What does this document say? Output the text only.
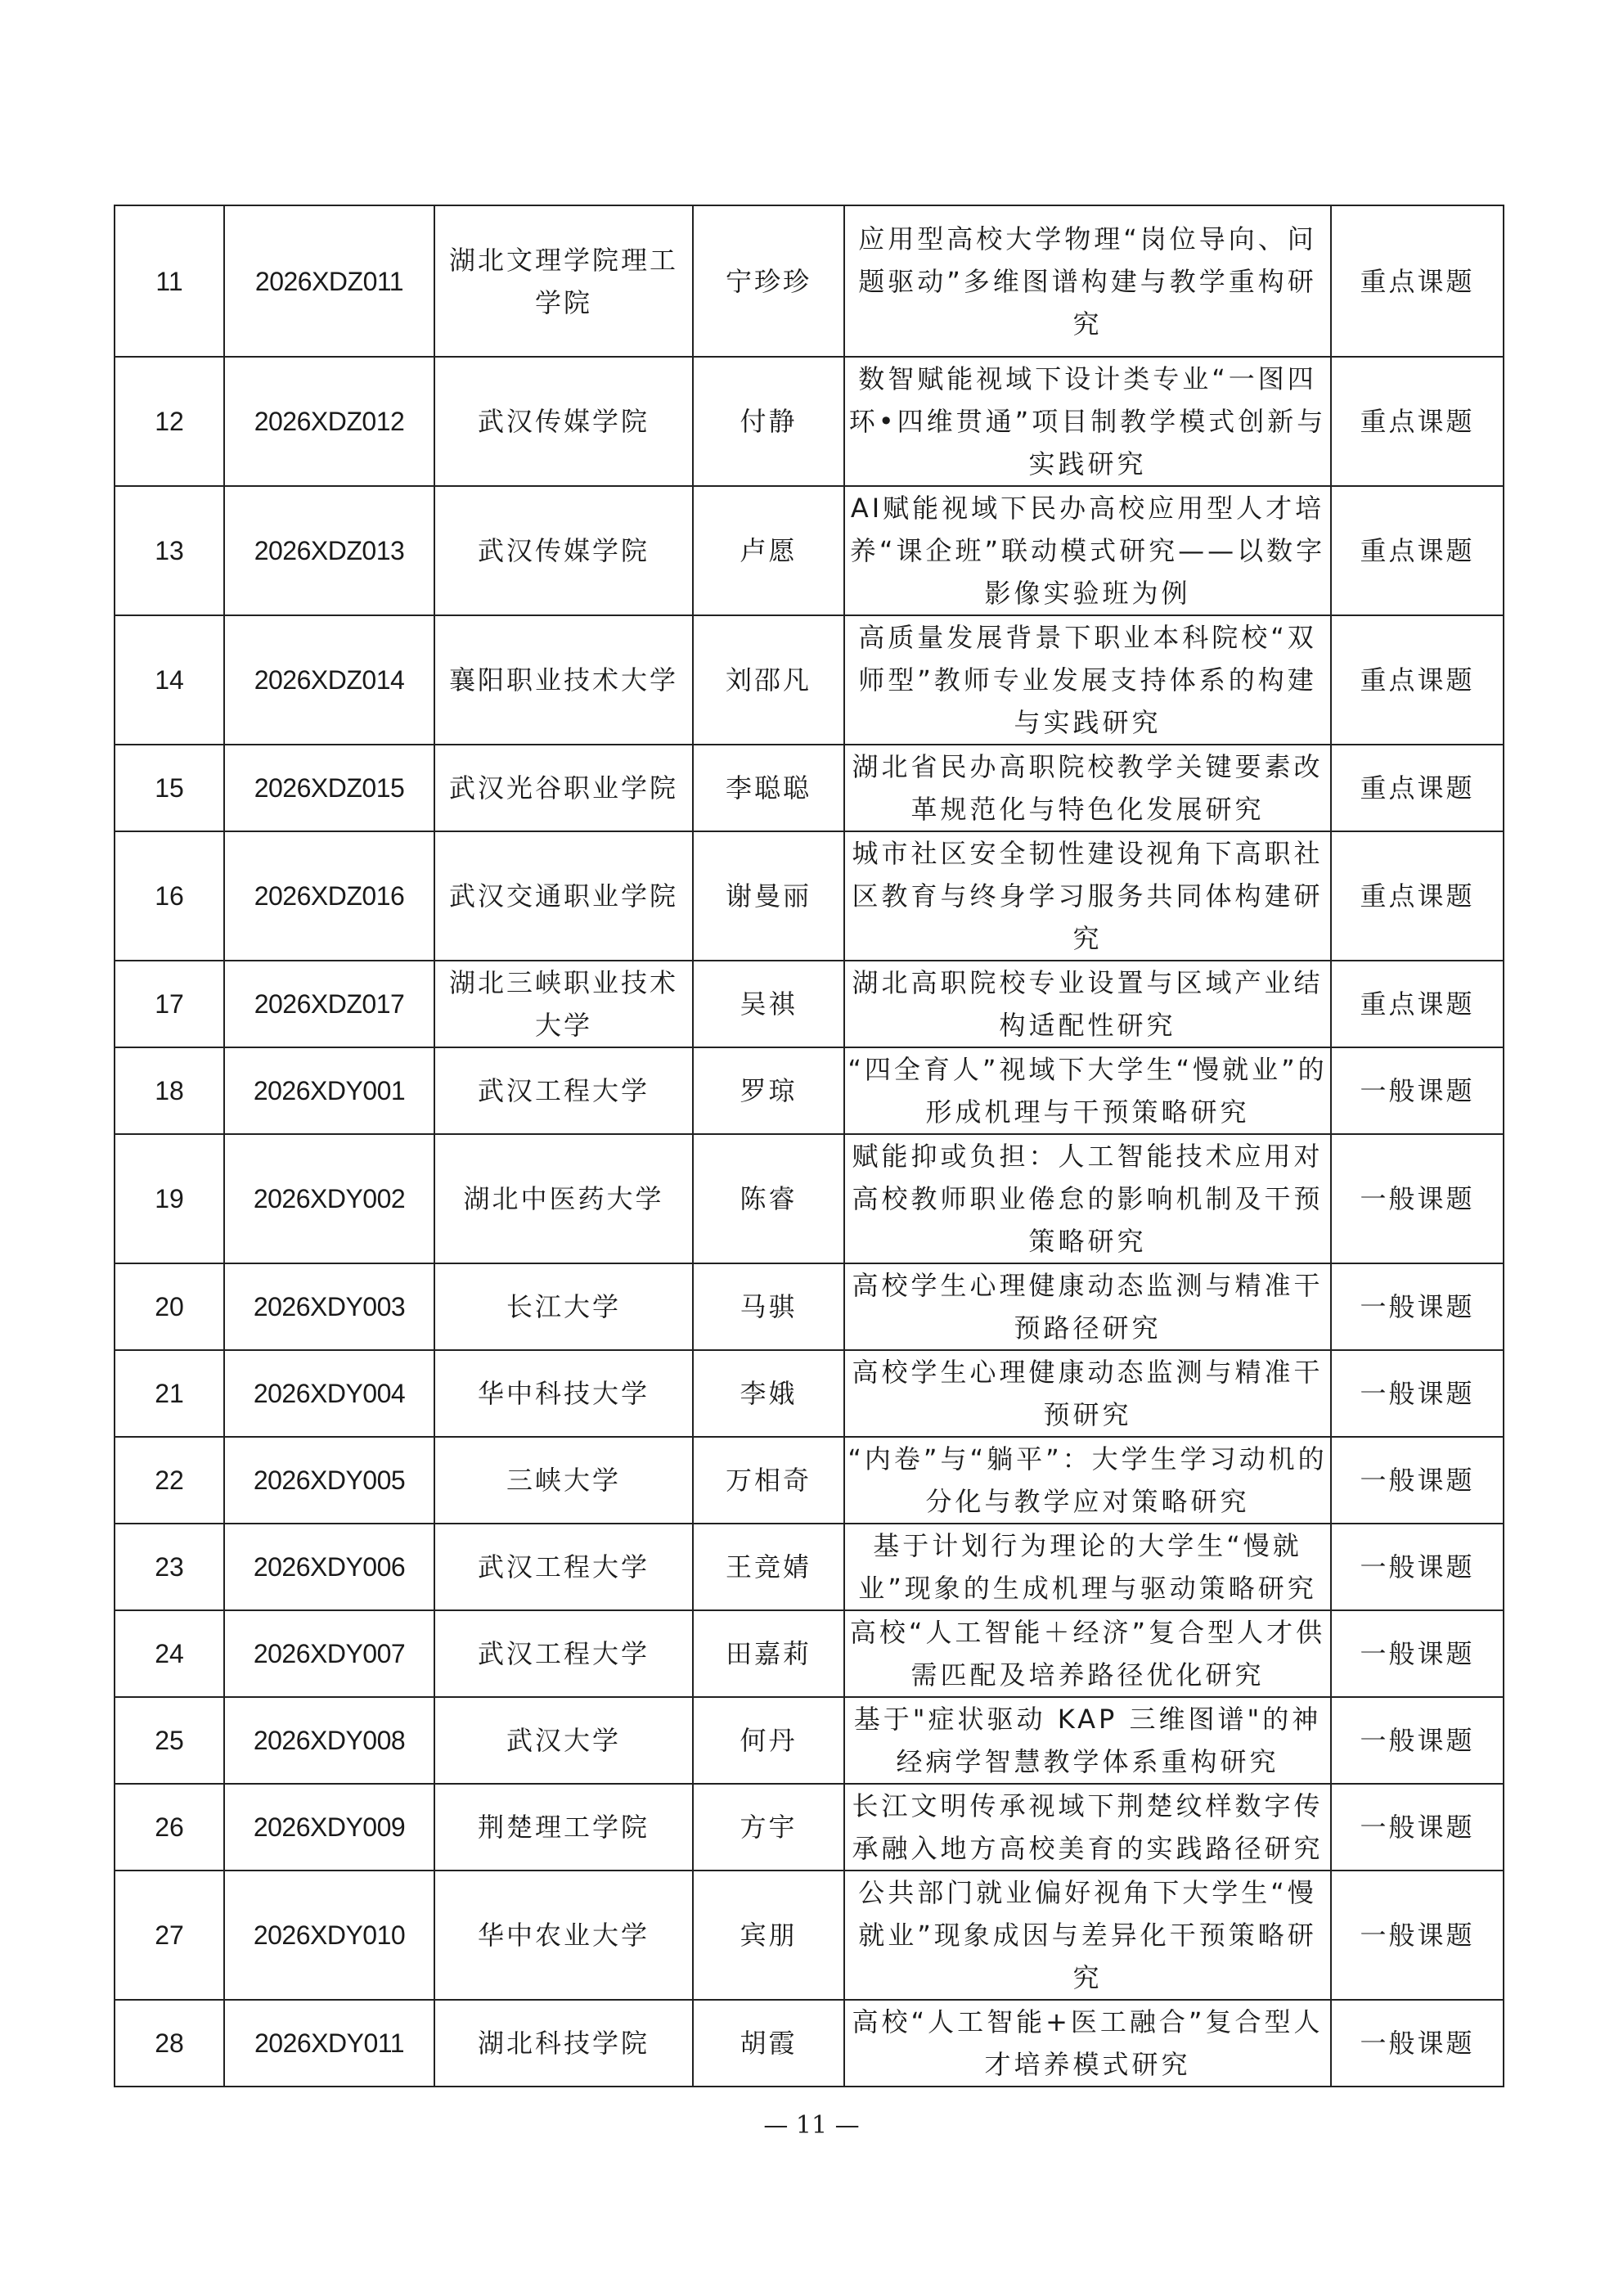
11	2026XDZ011	湖北文理学院理工学院	宁珍珍	应用型高校大学物理“岗位导向、问题驱动”多维图谱构建与教学重构研究	重点课题
12	2026XDZ012	武汉传媒学院	付静	数智赋能视域下设计类专业“一图四环•四维贯通”项目制教学模式创新与实践研究	重点课题
13	2026XDZ013	武汉传媒学院	卢愿	AI赋能视域下民办高校应用型人才培养“课企班”联动模式研究——以数字影像实验班为例	重点课题
14	2026XDZ014	襄阳职业技术大学	刘邵凡	高质量发展背景下职业本科院校“双师型”教师专业发展支持体系的构建与实践研究	重点课题
15	2026XDZ015	武汉光谷职业学院	李聪聪	湖北省民办高职院校教学关键要素改革规范化与特色化发展研究	重点课题
16	2026XDZ016	武汉交通职业学院	谢曼丽	城市社区安全韧性建设视角下高职社区教育与终身学习服务共同体构建研究	重点课题
17	2026XDZ017	湖北三峡职业技术大学	吴祺	湖北高职院校专业设置与区域产业结构适配性研究	重点课题
18	2026XDY001	武汉工程大学	罗琼	“四全育人”视域下大学生“慢就业”的形成机理与干预策略研究	一般课题
19	2026XDY002	湖北中医药大学	陈睿	赋能抑或负担：人工智能技术应用对高校教师职业倦怠的影响机制及干预策略研究	一般课题
20	2026XDY003	长江大学	马骐	高校学生心理健康动态监测与精准干预路径研究	一般课题
21	2026XDY004	华中科技大学	李娥	高校学生心理健康动态监测与精准干预研究	一般课题
22	2026XDY005	三峡大学	万相奇	“内卷”与“躺平”：大学生学习动机的分化与教学应对策略研究	一般课题
23	2026XDY006	武汉工程大学	王竞婧	基于计划行为理论的大学生“慢就业”现象的生成机理与驱动策略研究	一般课题
24	2026XDY007	武汉工程大学	田嘉莉	高校“人工智能＋经济”复合型人才供需匹配及培养路径优化研究	一般课题
25	2026XDY008	武汉大学	何丹	基于"症状驱动 KAP 三维图谱"的神经病学智慧教学体系重构研究	一般课题
26	2026XDY009	荆楚理工学院	方宇	长江文明传承视域下荆楚纹样数字传承融入地方高校美育的实践路径研究	一般课题
27	2026XDY010	华中农业大学	宾朋	公共部门就业偏好视角下大学生“慢就业”现象成因与差异化干预策略研究	一般课题
28	2026XDY011	湖北科技学院	胡霞	高校“人工智能+医工融合”复合型人才培养模式研究	一般课题
— 11 —
